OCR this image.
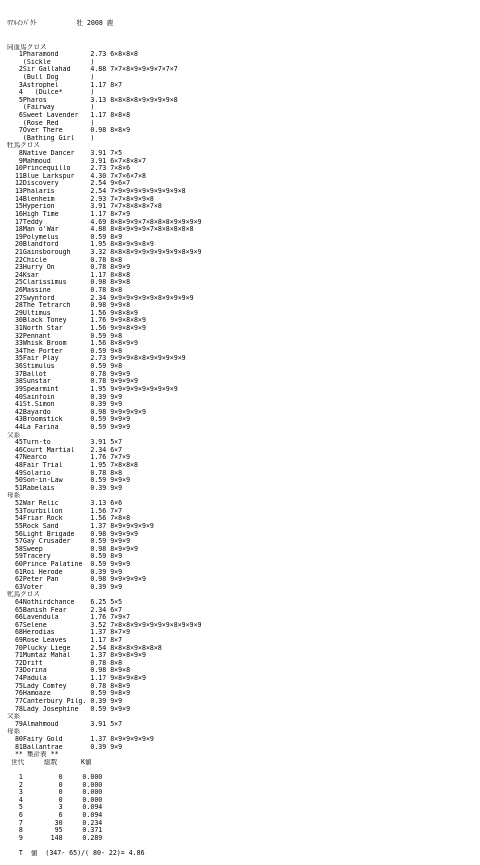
ﾘｱﾙｲﾝﾊﾟｸﾄ          牡 2008 鹿

同血馬クロス
1Pharamond        2.73 6×8×8×8
(Sickle          )
2Sir Gallahad     4.88 7×7×8×9×9×9×7×7×7
(Bull Dog        )
3Astrophel        1.17 8×7
4   (Dulce*       )
5Pharos           3.13 8×8×8×8×9×9×9×9×8
(Fairway         )
6Sweet Lavender   1.17 8×8×8
(Rose Red        )
7Over There       0.98 8×8×9
(Bathing Girl    )
牡馬クロス
8Native Dancer    3.91 7×5
9Mahmoud          3.91 6×7×8×8×7
10Princequillo     2.73 7×8×6
11Blue Larkspur    4.30 7×7×6×7×8
12Discovery        2.54 9×6×7
13Phalaris         2.54 7×9×9×9×9×9×9×9×9×8
14Blenheim         2.93 7×7×8×9×9×8
15Hyperion         3.91 7×7×8×8×8×7×8
16High Time        1.17 8×7×9
17Teddy            4.69 8×8×9×9×7×8×8×8×9×9×9×9
18Man o'War        4.88 8×8×9×9×9×7×8×8×8×8×8
19Polymelus        0.59 8×9
20Blandford        1.95 8×8×9×9×8×9
21Gainsborough     3.32 8×8×8×9×9×9×9×9×9×8×9×9
22Chicle           0.78 8×8
23Hurry On         0.78 8×9×9
24Ksar             1.17 8×8×8
25Clarissimus      0.98 8×9×8
26Massine          0.78 8×8
27Swynford         2.34 9×9×9×9×9×9×8×9×9×9×9
28The Tetrarch     0.98 9×9×8
29Ultimus          1.56 9×8×8×9
30Black Toney      1.76 9×9×8×8×9
31North Star       1.56 9×9×8×9×9
32Pennant          0.59 9×8
33Whisk Broom      1.56 8×8×9×9
34The Porter       0.59 9×8
35Fair Play        2.73 9×9×9×8×8×9×9×9×9×9
36Stimulus         0.59 9×8
37Ballot           0.78 9×9×9
38Sunstar          0.78 9×9×9×9
39Spearmint        1.95 9×9×9×9×9×9×9×9×9
40Sainfoin         0.39 9×9
41St.Simon         0.39 9×9
42Bayardo          0.98 9×9×9×9×9
43Broomstick       0.59 9×9×9
44La Farina        0.59 9×9×9
父系
45Turn-to          3.91 5×7
46Court Martial    2.34 6×7
47Nearco           1.76 7×7×9
48Fair Trial       1.95 7×8×8×8
49Solario          0.78 8×8
50Son-in-Law       0.59 9×9×9
51Rabelais         0.39 9×9
母系
52War Relic        3.13 6×6
53Tourbillon       1.56 7×7
54Friar Rock       1.56 7×8×8
55Rock Sand        1.37 8×9×9×9×9×9
56Light Brigade    0.98 9×9×9×9
57Gay Crusader     0.59 9×9×9
58Sweep            0.98 8×9×9×9
59Tracery          0.59 8×9
60Prince Palatine  0.59 9×9×9
61Roi Herode       0.39 9×9
62Peter Pan        0.98 9×9×9×9×9
63Voter            0.39 9×9
牝馬クロス
64Nothirdchance    6.25 5×5
65Banish Fear      2.34 6×7
66Lavendula        1.76 7×9×7
67Selene           3.52 7×8×8×9×9×9×9×9×8×9×9×9
68Herodias         1.37 8×7×9
69Rose Leaves      1.17 8×7
70Plucky Liege     2.54 8×8×8×9×8×8×8
71Mumtaz Mahal     1.37 8×9×8×9×9
72Drift            0.78 8×8
73Dorina           0.98 8×9×8
74Padula           1.17 9×8×9×8×9
75Lady Comfey      0.78 8×8×9
76Hamoaze          0.59 9×8×9
77Canterbury Pilg. 0.39 9×9
78Lady Josephine   0.59 9×9×9
父系
79Almahmoud        3.91 5×7
母系
80Fairy Gold       1.37 8×9×9×9×9×9
81Ballantrae       0.39 9×9
** 集計表 **
世代     総数      K値
1         0     0.000
2         0     0.000
3         0     0.000
4         0     0.000
5         3     0.094
6         6     0.094
7        30     0.234
8        95     0.371
9       148     0.289
T  値  (347- 65)/( 80- 22)= 4.86
